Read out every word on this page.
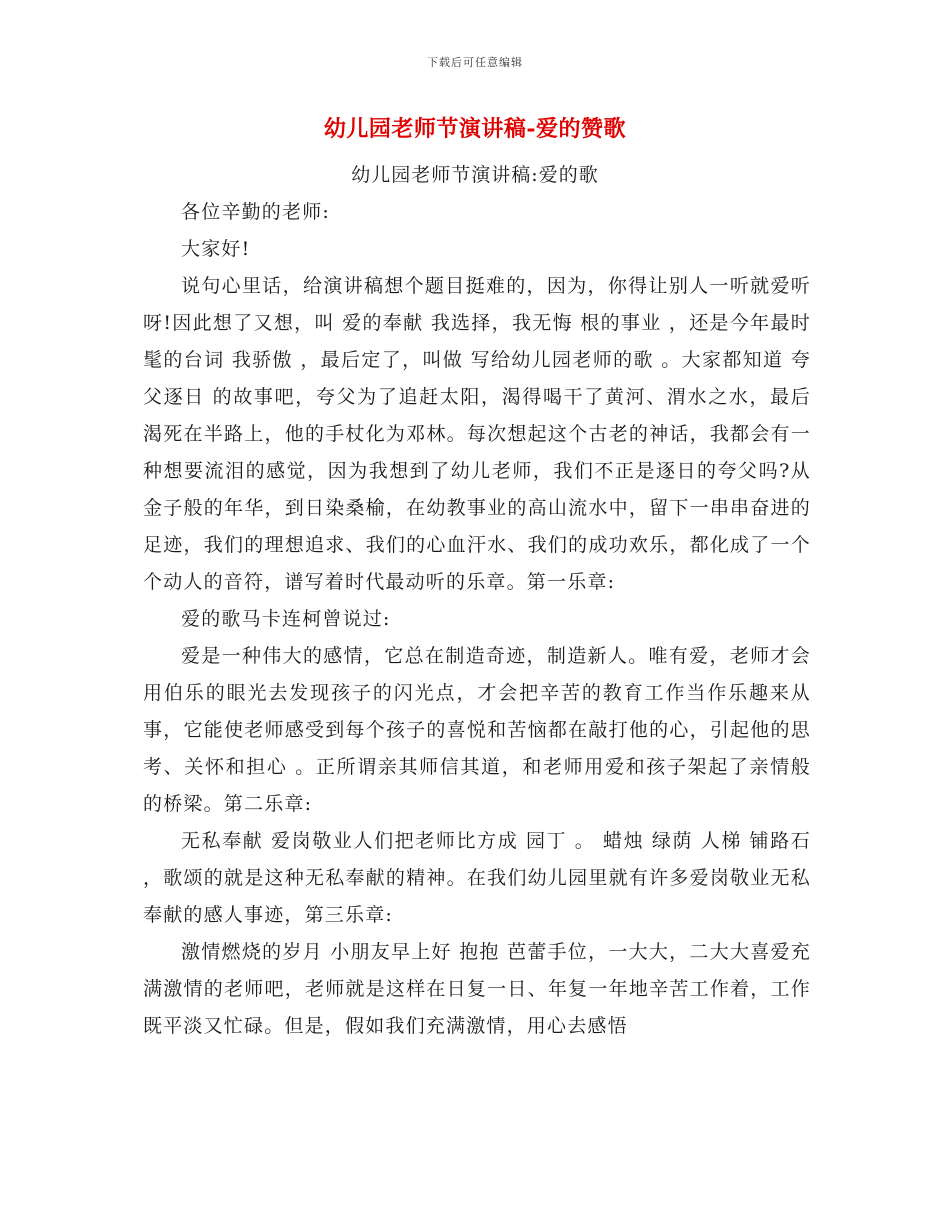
下载后可任意编辑
幼儿园老师节演讲稿-爱的赞歌
幼儿园老师节演讲稿:爱的歌

各位辛勤的老师:

大家好!

说句心里话，给演讲稿想个题目挺难的，因为，你得让别人一听就爱听呀!因此想了又想，叫 爱的奉献 我选择，我无悔 根的事业 ，还是今年最时髦的台词 我骄傲 ，最后定了，叫做 写给幼儿园老师的歌 。大家都知道 夸父逐日 的故事吧，夸父为了追赶太阳，渴得喝干了黄河、渭水之水，最后渴死在半路上，他的手杖化为邓林。每次想起这个古老的神话，我都会有一种想要流泪的感觉，因为我想到了幼儿老师，我们不正是逐日的夸父吗?从金子般的年华，到日染桑榆，在幼教事业的高山流水中，留下一串串奋进的足迹，我们的理想追求、我们的心血汗水、我们的成功欢乐，都化成了一个个动人的音符，谱写着时代最动听的乐章。第一乐章:

爱的歌马卡连柯曾说过:

爱是一种伟大的感情，它总在制造奇迹，制造新人。唯有爱，老师才会用伯乐的眼光去发现孩子的闪光点，才会把辛苦的教育工作当作乐趣来从事，它能使老师感受到每个孩子的喜悦和苦恼都在敲打他的心，引起他的思考、关怀和担心 。正所谓亲其师信其道，和老师用爱和孩子架起了亲情般的桥梁。第二乐章:

无私奉献 爱岗敬业人们把老师比方成 园丁 。 蜡烛 绿荫 人梯 铺路石 ，歌颂的就是这种无私奉献的精神。在我们幼儿园里就有许多爱岗敬业无私奉献的感人事迹，第三乐章:

激情燃烧的岁月 小朋友早上好 抱抱 芭蕾手位，一大大，二大大喜爱充满激情的老师吧，老师就是这样在日复一日、年复一年地辛苦工作着，工作既平淡又忙碌。但是，假如我们充满激情，用心去感悟
